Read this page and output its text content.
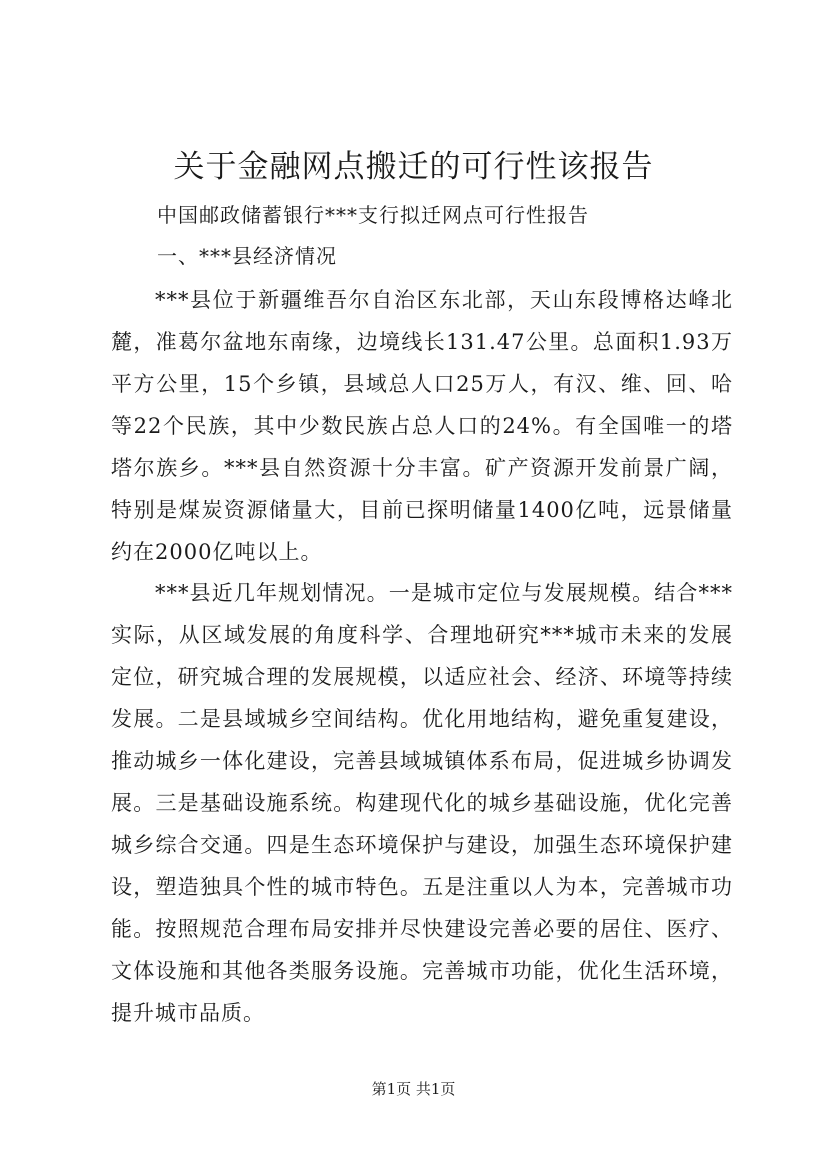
关于金融网点搬迁的可行性该报告

中国邮政储蓄银行***支行拟迁网点可行性报告

一、***县经济情况

***县位于新疆维吾尔自治区东北部，天山东段博格达峰北麓，准葛尔盆地东南缘，边境线长131.47公里。总面积1.93万平方公里，15个乡镇，县域总人口25万人，有汉、维、回、哈等22个民族，其中少数民族占总人口的24%。有全国唯一的塔塔尔族乡。***县自然资源十分丰富。矿产资源开发前景广阔，特别是煤炭资源储量大，目前已探明储量1400亿吨，远景储量约在2000亿吨以上。

***县近几年规划情况。一是城市定位与发展规模。结合***实际，从区域发展的角度科学、合理地研究***城市未来的发展定位，研究城合理的发展规模，以适应社会、经济、环境等持续发展。二是县域城乡空间结构。优化用地结构，避免重复建设，推动城乡一体化建设，完善县域城镇体系布局，促进城乡协调发展。三是基础设施系统。构建现代化的城乡基础设施，优化完善城乡综合交通。四是生态环境保护与建设，加强生态环境保护建设，塑造独具个性的城市特色。五是注重以人为本，完善城市功能。按照规范合理布局安排并尽快建设完善必要的居住、医疗、文体设施和其他各类服务设施。完善城市功能，优化生活环境，提升城市品质。

第1页 共1页
